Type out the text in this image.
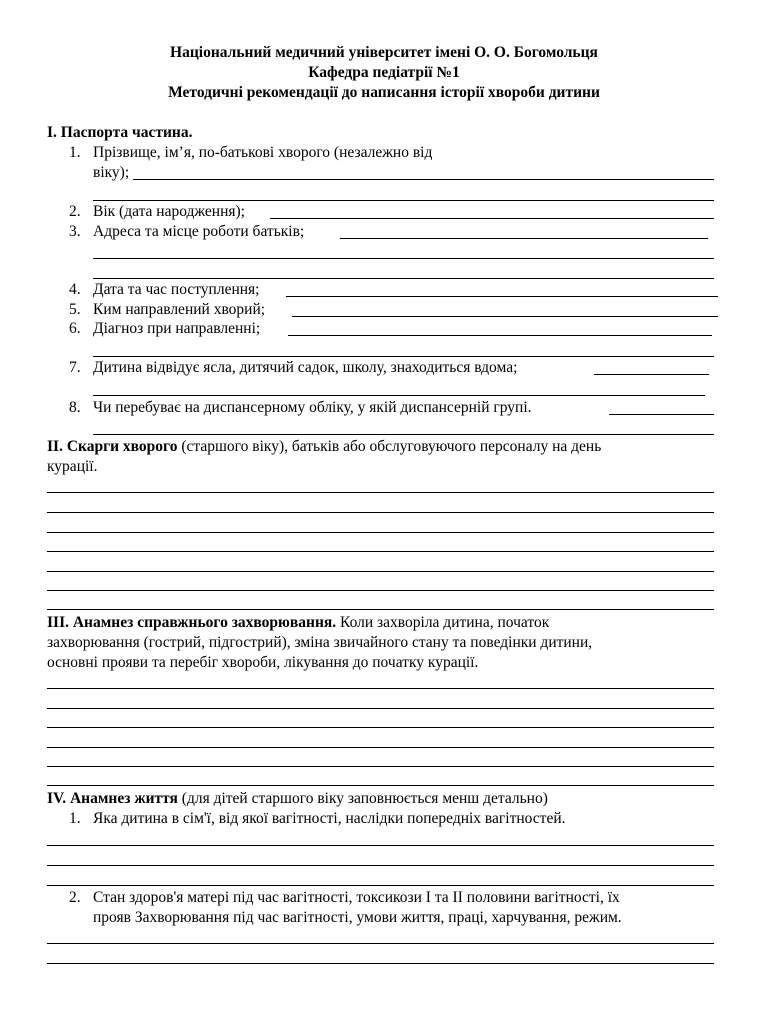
Національний медичний університет імені О. О. Богомольця
Кафедра педіатрії №1
Методичні рекомендації до написання історії хвороби дитини
І. Паспорта частина.
1. Прізвище, ім’я, по-батькові хворого (незалежно від
віку);
2. Вік (дата народження);
3. Адреса та місце роботи батьків;
4. Дата та час поступлення;
5. Ким направлений хворий;
6. Діагноз при направленні;
7. Дитина відвідує ясла, дитячий садок, школу, знаходиться вдома;
8. Чи перебуває на диспансерному обліку, у якій диспансерній групі.
ІІ. Скарги хворого (старшого віку), батьків або обслуговуючого персоналу на день
курації.
ІІІ. Анамнез справжнього захворювання. Коли захворіла дитина, початок
захворювання (гострий, підгострий), зміна звичайного стану та поведінки дитини,
основні прояви та перебіг хвороби, лікування до початку курації.
IV. Анамнез життя (для дітей старшого віку заповнюється менш детально)
1. Яка дитина в сім'ї, від якої вагітності, наслідки попередніх вагітностей.
2. Стан здоров'я матері під час вагітності, токсикози І та ІІ половини вагітності, їх
прояв Захворювання під час вагітності, умови життя, праці, харчування, режим.
